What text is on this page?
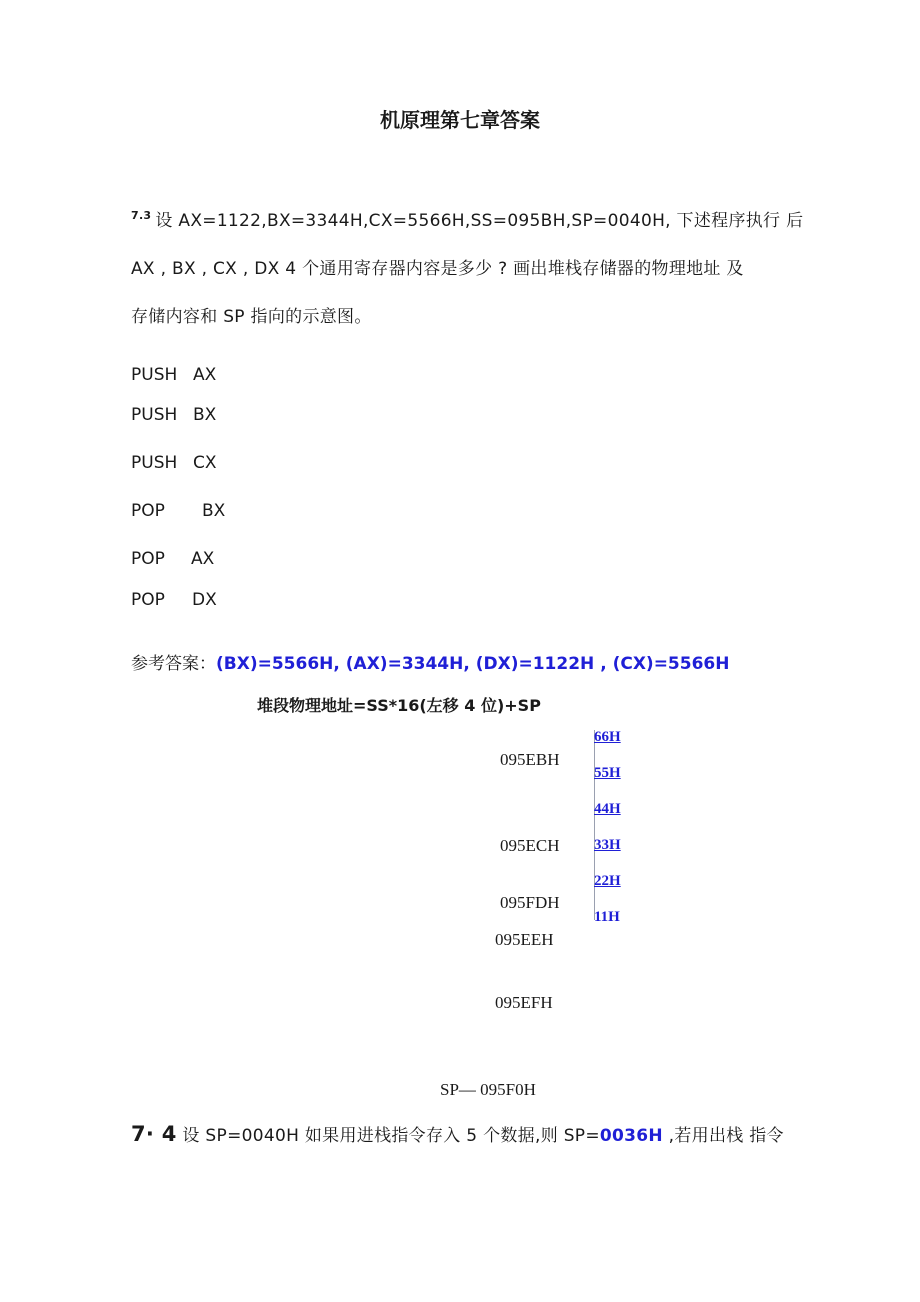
机原理第七章答案
$^{7.3}$ 设 AX=1122,BX=3344H,CX=5566H,SS=095BH,SP=0040H, 下述程序执行 后
AX , BX , CX , DX 4 个通用寄存器内容是多少 ? 画出堆栈存储器的物理地址 及
存储内容和 SP 指向的示意图。
PUSH AX
PUSH BX
PUSH CX
POP BX
POP AX
POP DX
参考答案：(BX)=5566H, (AX)=3344H, (DX)=1122H , (CX)=5566H
堆段物理地址=SS*16(左移 4 位)+SP
095EBH
095ECH
095FDH
095EEH
095EFH
66H
55H
44H
33H
22H
11H
SP— 095F0H
7· 4 设 SP=0040H 如果用进栈指令存入 5 个数据,则 SP=0036H ,若用出栈 指令
